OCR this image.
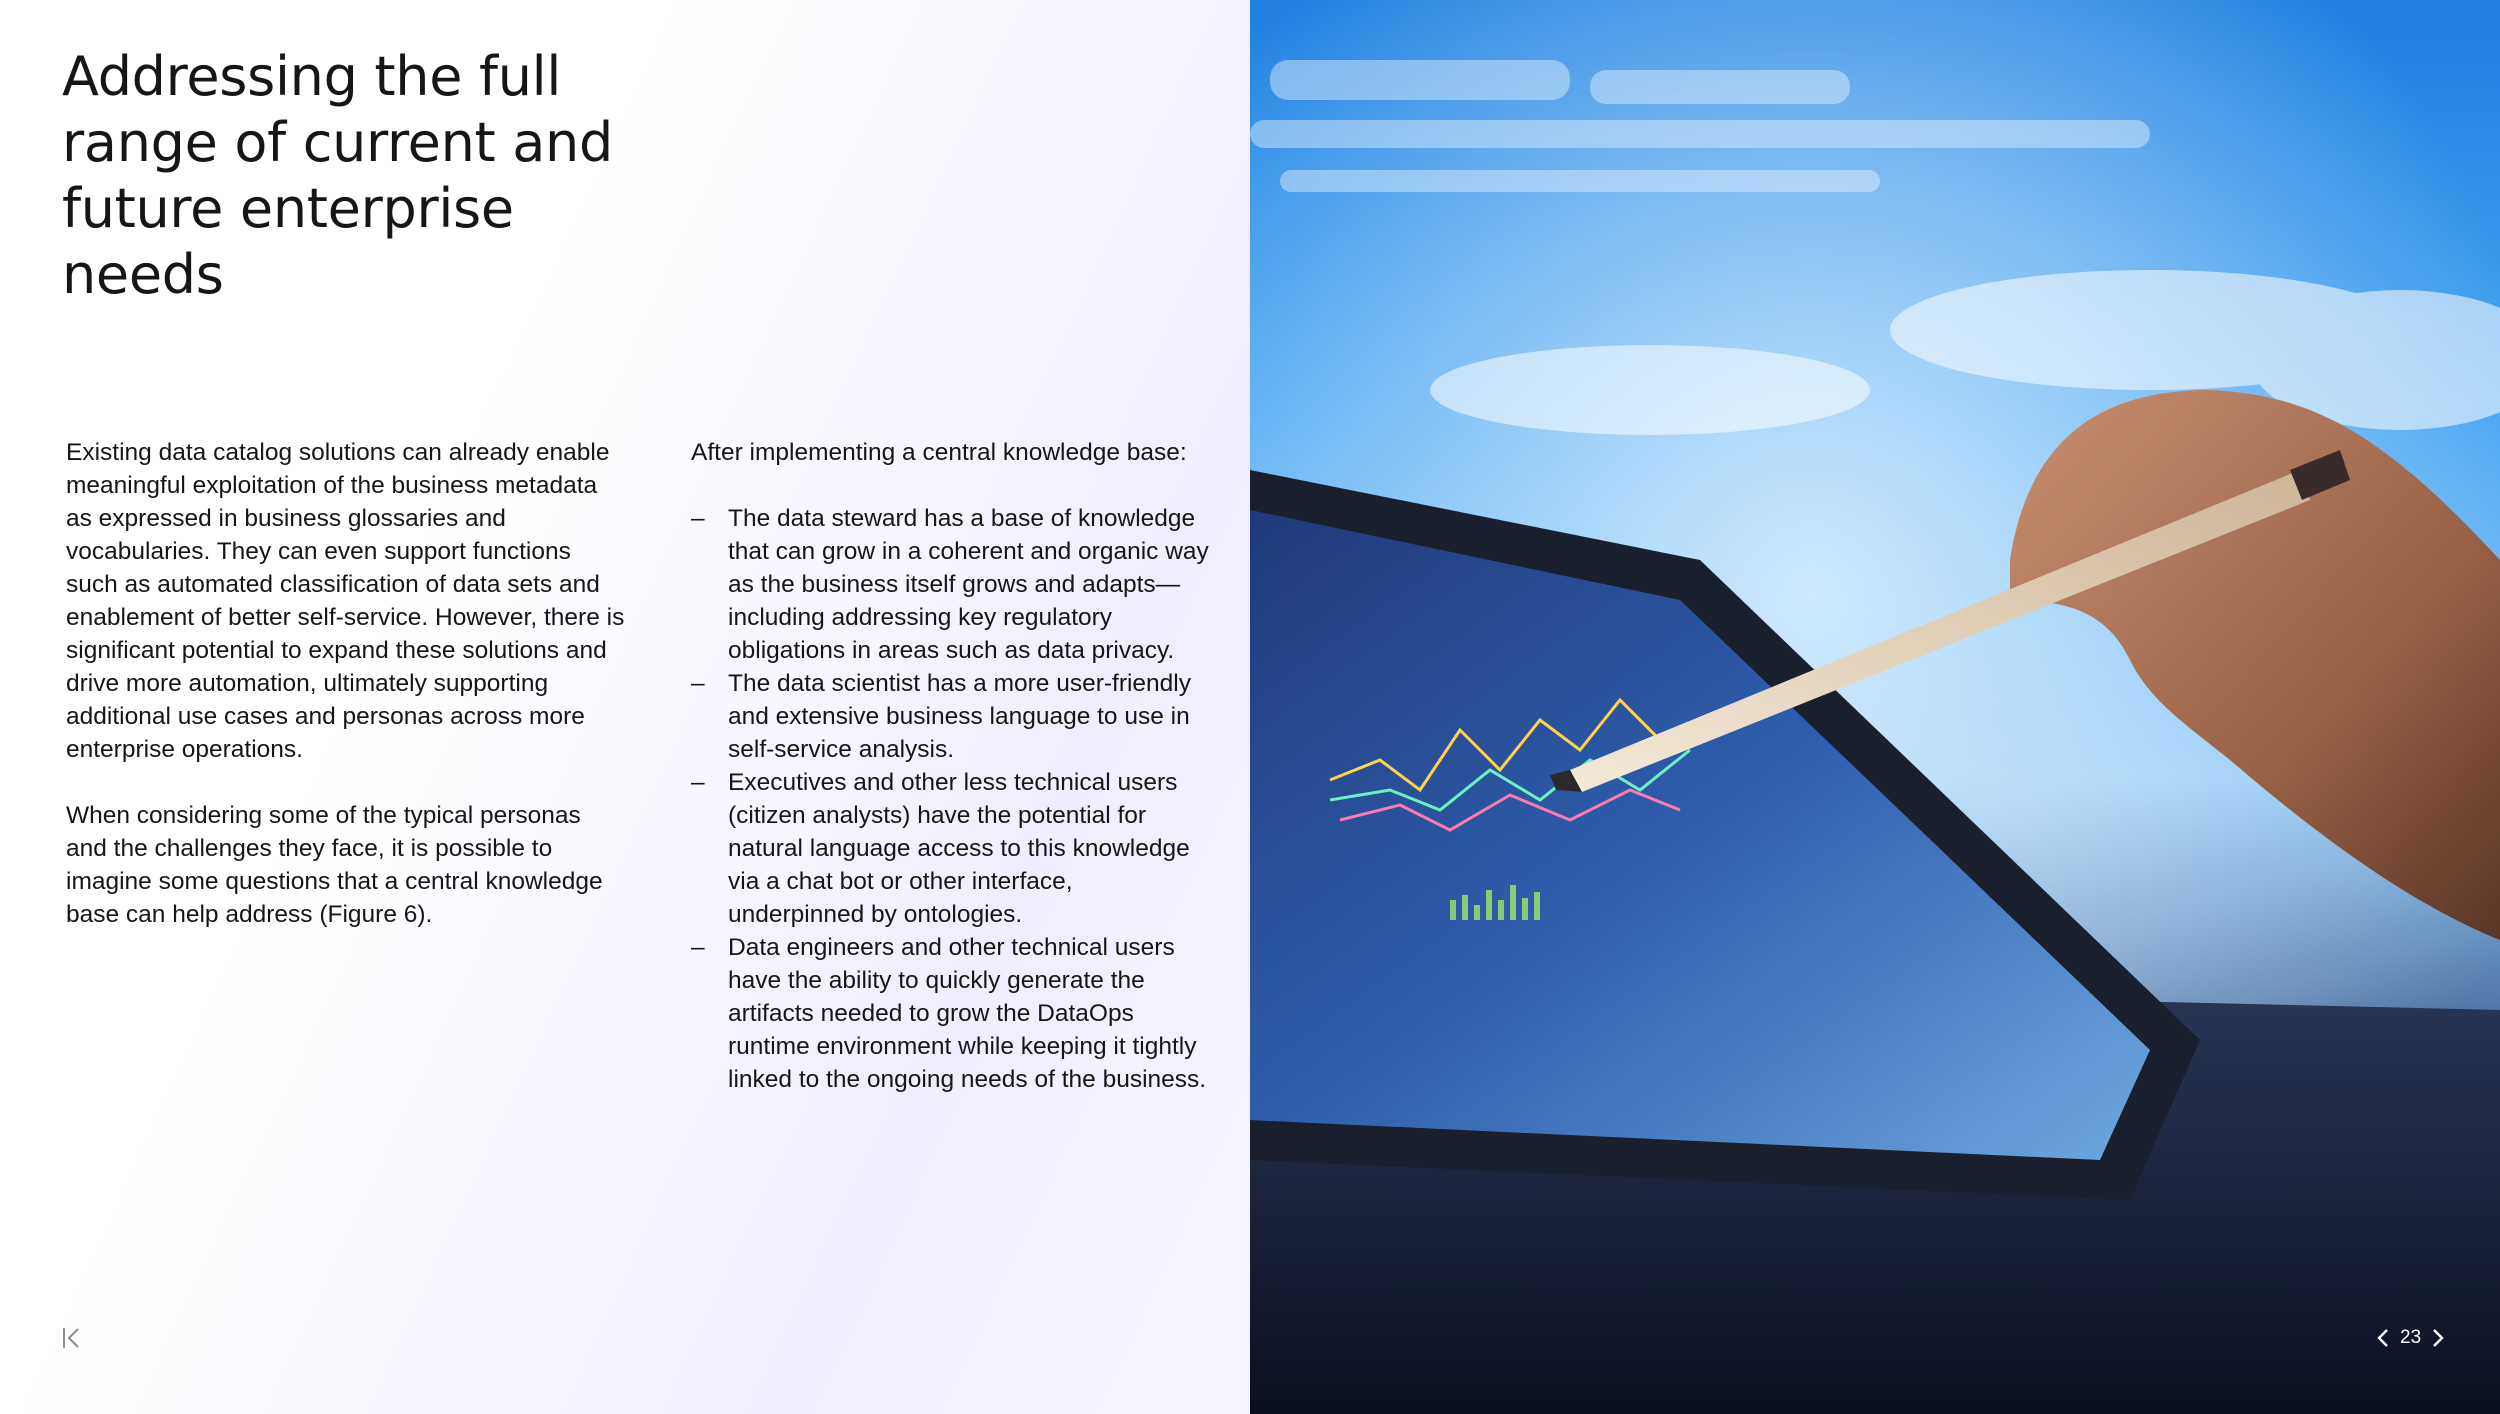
Addressing the full range of current and future enterprise needs

Existing data catalog solutions can already enable meaningful exploitation of the business metadata as expressed in business glossaries and vocabularies. They can even support functions such as automated classification of data sets and enablement of better self-service. However, there is significant potential to expand these solutions and drive more automation, ultimately supporting additional use cases and personas across more enterprise operations.

When considering some of the typical personas and the challenges they face, it is possible to imagine some questions that a central knowledge base can help address (Figure 6).

After implementing a central knowledge base:

– The data steward has a base of knowledge that can grow in a coherent and organic way as the business itself grows and adapts—including addressing key regulatory obligations in areas such as data privacy.
– The data scientist has a more user-friendly and extensive business language to use in self-service analysis.
– Executives and other less technical users (citizen analysts) have the potential for natural language access to this knowledge via a chat bot or other interface, underpinned by ontologies.
– Data engineers and other technical users have the ability to quickly generate the artifacts needed to grow the DataOps runtime environment while keeping it tightly linked to the ongoing needs of the business.
23
